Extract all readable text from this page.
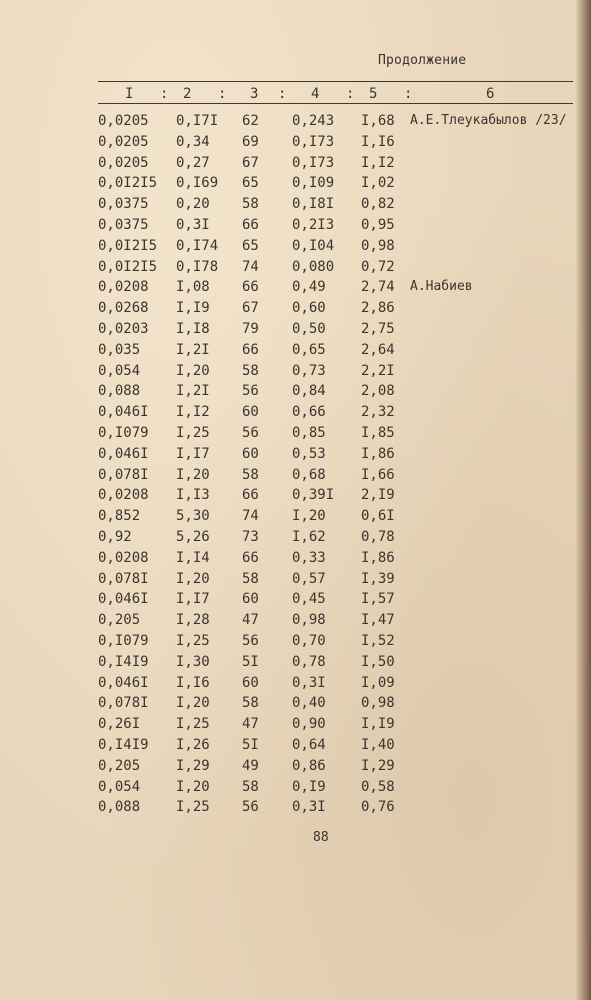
Продолжение
I : 2 : 3 : 4 : 5 :	6
0,0205 0,I7I 62 0,243 I,68 А.Е.Тлеукабылов /23/
0,0205 0,34 69 0,I73 I,I6
0,0205 0,27 67 0,I73 I,I2
0,0I2I5 0,I69 65 0,I09 I,02
0,0375 0,20 58 0,I8I 0,82
0,0375 0,3I 66 0,2I3 0,95
0,0I2I5 0,I74 65 0,I04 0,98
0,0I2I5 0,I78 74 0,080 0,72
0,0208 I,08 66 0,49	2,74 А.Набиев
0,0268 I,I9 67 0,60	2,86
0,0203 I,I8 79 0,50	2,75
0,035	I,2I 66 0,65	2,64
0,054	I,20 58 0,73	2,2I
0,088	I,2I 56 0,84	2,08
0,046I I,I2 60 0,66	2,32
0,I079 I,25 56 0,85	I,85
0,046I I,I7 60 0,53	I,86
0,078I I,20 58 0,68	I,66
0,0208 I,I3 66 0,39I 2,I9
0,852	5,30 74 I,20	0,6I
0,92	5,26 73 I,62	0,78
0,0208 I,I4 66 0,33	I,86
0,078I I,20 58 0,57	I,39
0,046I I,I7 60 0,45	I,57
0,205	I,28 47 0,98	I,47
0,I079 I,25 56 0,70	I,52
0,I4I9 I,30 5I 0,78	I,50
0,046I I,I6 60 0,3I	I,09
0,078I I,20 58 0,40	0,98
0,26I	I,25 47 0,90	I,I9
0,I4I9 I,26 5I 0,64	I,40
0,205	I,29 49 0,86	I,29
0,054	I,20 58 0,I9	0,58
0,088	I,25 56 0,3I	0,76
88
